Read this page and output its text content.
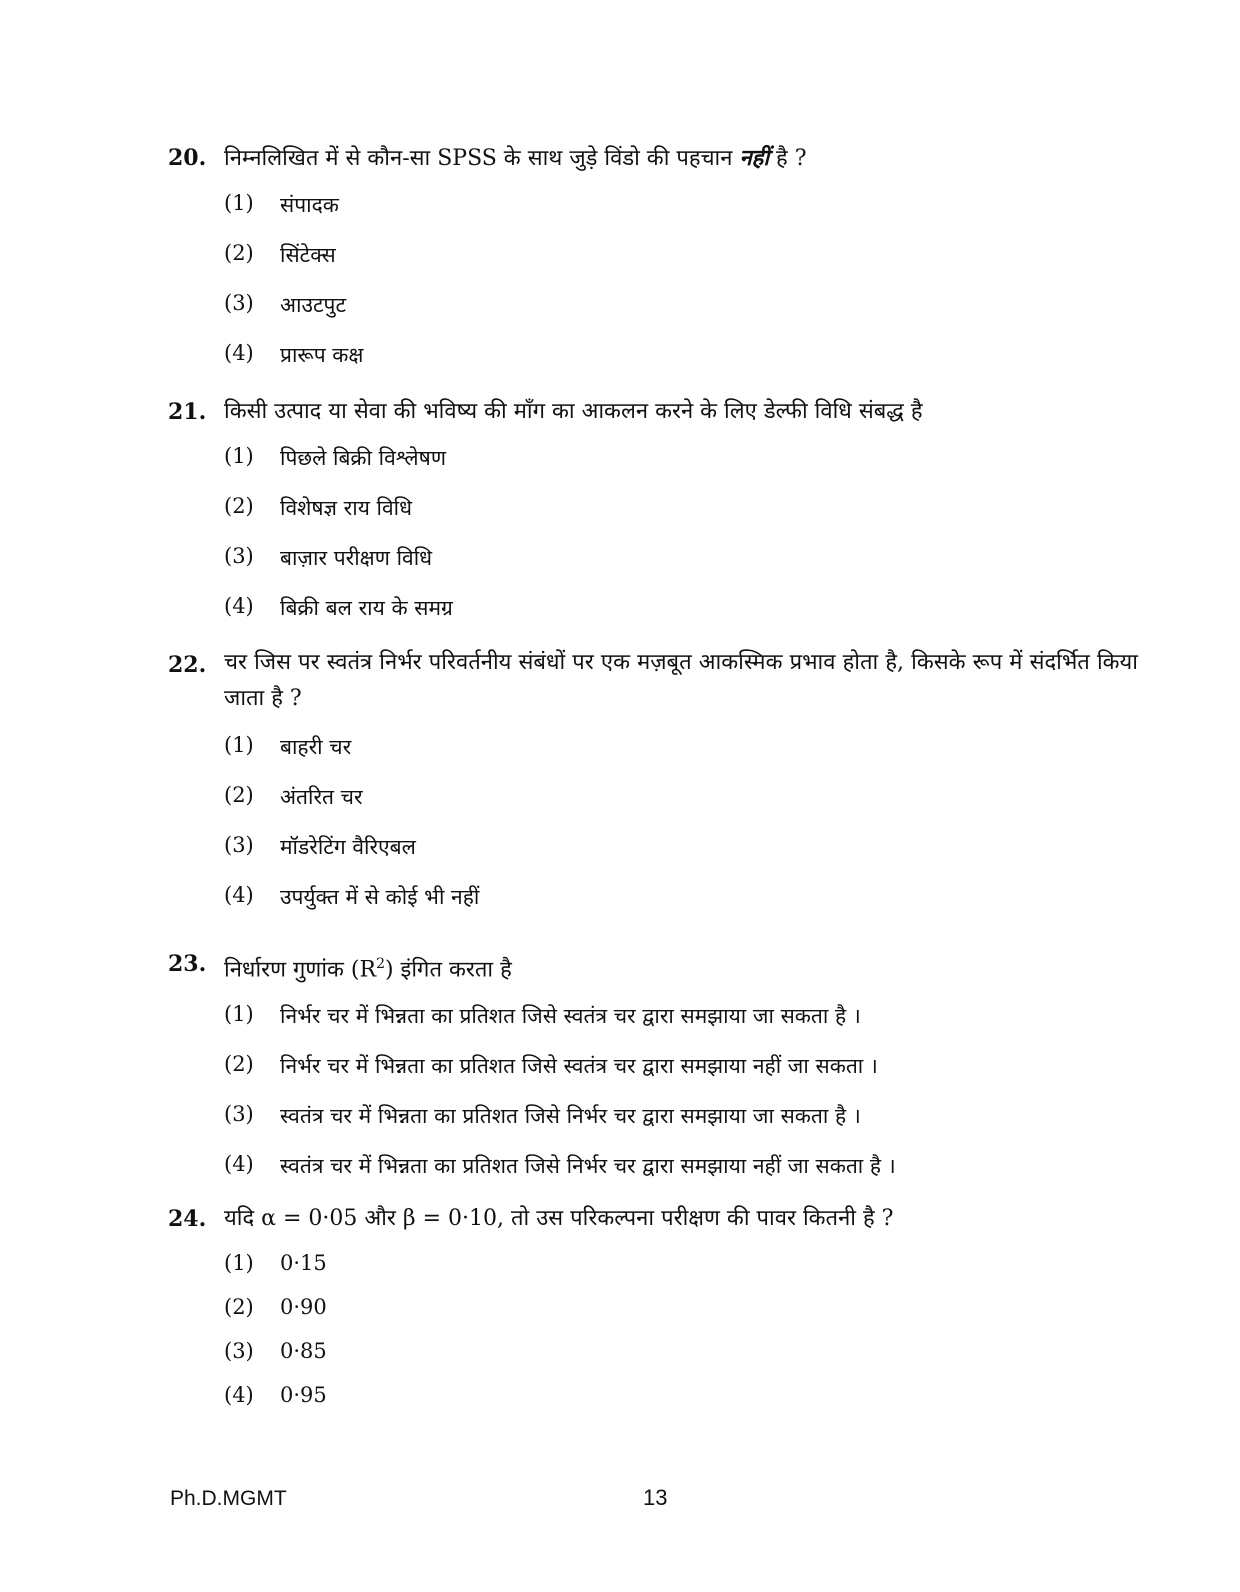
20. निम्नलिखित में से कौन-सा SPSS के साथ जुड़े विंडो की पहचान नहीं है ?
(1)	संपादक
(2)	सिंटेक्स
(3)	आउटपुट
(4)	प्रारूप कक्ष
21. किसी उत्पाद या सेवा की भविष्य की माँग का आकलन करने के लिए डेल्फी विधि संबद्ध है
(1)	पिछले बिक्री विश्लेषण
(2)	विशेषज्ञ राय विधि
(3)	बाज़ार परीक्षण विधि
(4)	बिक्री बल राय के समग्र
22. चर जिस पर स्वतंत्र निर्भर परिवर्तनीय संबंधों पर एक मज़बूत आकस्मिक प्रभाव होता है, किसके रूप में संदर्भित किया जाता है ?
(1)	बाहरी चर
(2)	अंतरित चर
(3)	मॉडरेटिंग वैरिएबल
(4)	उपर्युक्त में से कोई भी नहीं
23. निर्धारण गुणांक $(R^2)$ इंगित करता है
(1)	निर्भर चर में भिन्नता का प्रतिशत जिसे स्वतंत्र चर द्वारा समझाया जा सकता है ।
(2)	निर्भर चर में भिन्नता का प्रतिशत जिसे स्वतंत्र चर द्वारा समझाया नहीं जा सकता ।
(3)	स्वतंत्र चर में भिन्नता का प्रतिशत जिसे निर्भर चर द्वारा समझाया जा सकता है ।
(4)	स्वतंत्र चर में भिन्नता का प्रतिशत जिसे निर्भर चर द्वारा समझाया नहीं जा सकता है ।
24. यदि α = 0·05 और β = 0·10, तो उस परिकल्पना परीक्षण की पावर कितनी है ?
(1)	0·15
(2)	0·90
(3)	0·85
(4)	0·95
Ph.D.MGMT	13
